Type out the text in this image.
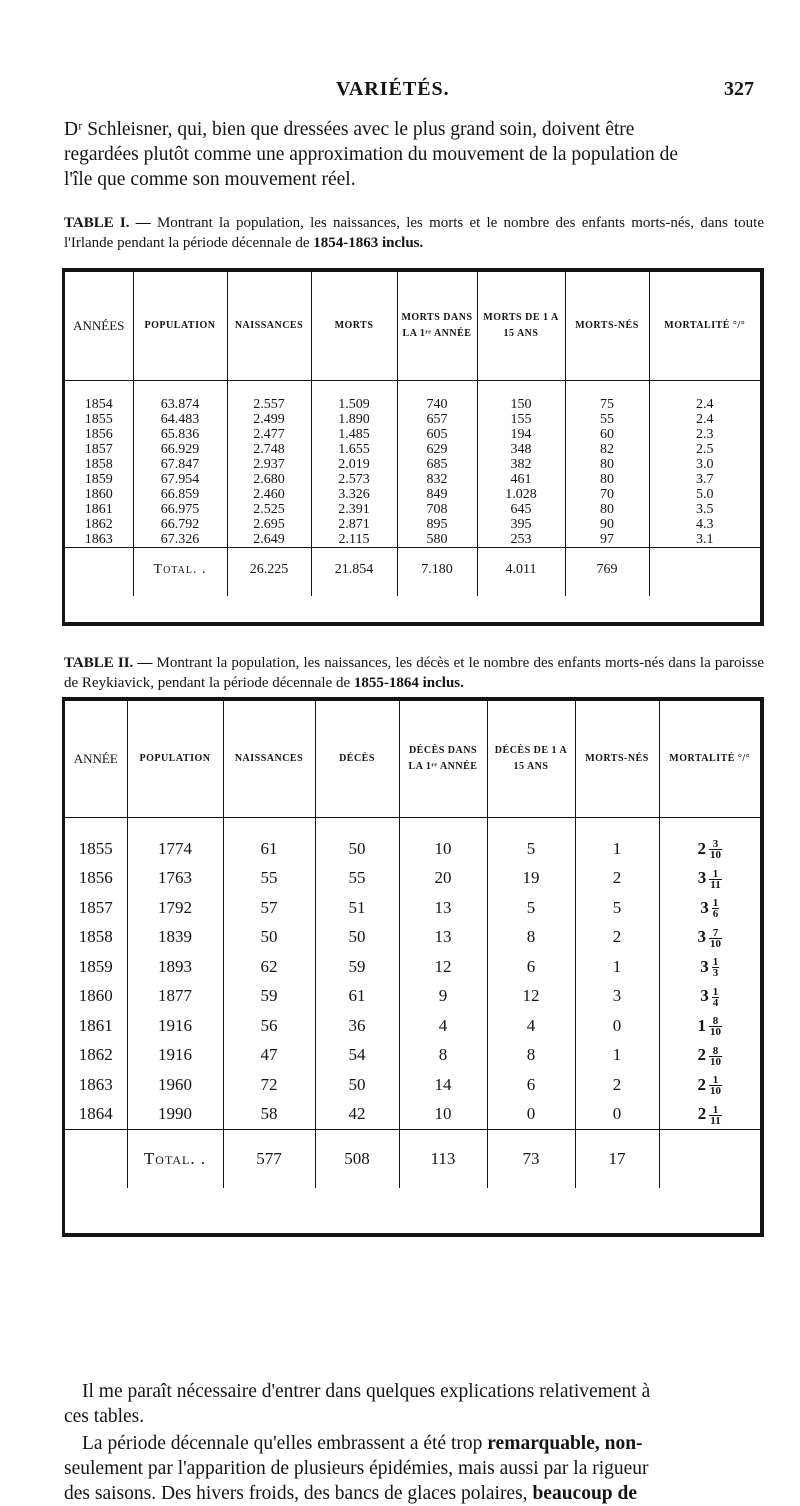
VARIÉTÉS.	327
Dʳ Schleisner, qui, bien que dressées avec le plus grand soin, doivent être
regardées plutôt comme une approximation du mouvement de la population de
l'île que comme son mouvement réel.
TABLE I. — Montrant la population, les naissances, les morts et le nombre des enfants morts-nés, dans toute l'Irlande pendant la période décennale de 1854-1863 inclus.
ANNÉES	POPULATION	NAISSANCES	MORTS	MORTS DANS LA 1ʳᵉ ANNÉE	MORTS DE 1 A 15 ANS	MORTS-NÉS	MORTALITÉ °/°

1854	63.874	2.557	1.509	740	150	75	2.4
1855	64.483	2.499	1.890	657	155	55	2.4
1856	65.836	2.477	1.485	605	194	60	2.3
1857	66.929	2.748	1.655	629	348	82	2.5
1858	67.847	2.937	2.019	685	382	80	3.0
1859	67.954	2.680	2.573	832	461	80	3.7
1860	66.859	2.460	3.326	849	1.028	70	5.0
1861	66.975	2.525	2.391	708	645	80	3.5
1862	66.792	2.695	2.871	895	395	90	4.3
1863	67.326	2.649	2.115	580	253	97	3.1
	Total. .	26.225	21.854	7.180	4.011	769	
TABLE II. — Montrant la population, les naissances, les décès et le nombre des enfants morts-nés dans la paroisse de Reykiavick, pendant la période décennale de 1855-1864 inclus.
ANNÉE	POPULATION	NAISSANCES	DÉCÈS	DÉCÈS DANS LA 1ʳᵉ ANNÉE	DÉCÈS DE 1 A 15 ANS	MORTS-NÉS	MORTALITÉ °/°

1855	1774	61	50	10	5	1	$2 \frac{3}{10}$

1856	1763	55	55	20	19	2	$3 \frac{1}{11}$

1857	1792	57	51	13	5	5	$3 \frac{1}{6}$

1858	1839	50	50	13	8	2	$3 \frac{7}{10}$

1859	1893	62	59	12	6	1	$3 \frac{1}{3}$

1860	1877	59	61	9	12	3	$3 \frac{1}{4}$

1861	1916	56	36	4	4	0	$1 \frac{8}{10}$

1862	1916	47	54	8	8	1	$2 \frac{8}{10}$

1863	1960	72	50	14	6	2	$2 \frac{1}{10}$

1864	1990	58	42	10	0	0	$2 \frac{1}{11}$

	Total. .	577	508	113	73	17	
Il me paraît nécessaire d'entrer dans quelques explications relativement à
ces tables.
La période décennale qu'elles embrassent a été trop remarquable, non-
seulement par l'apparition de plusieurs épidémies, mais aussi par la rigueur
des saisons. Des hivers froids, des bancs de glaces polaires, beaucoup de
